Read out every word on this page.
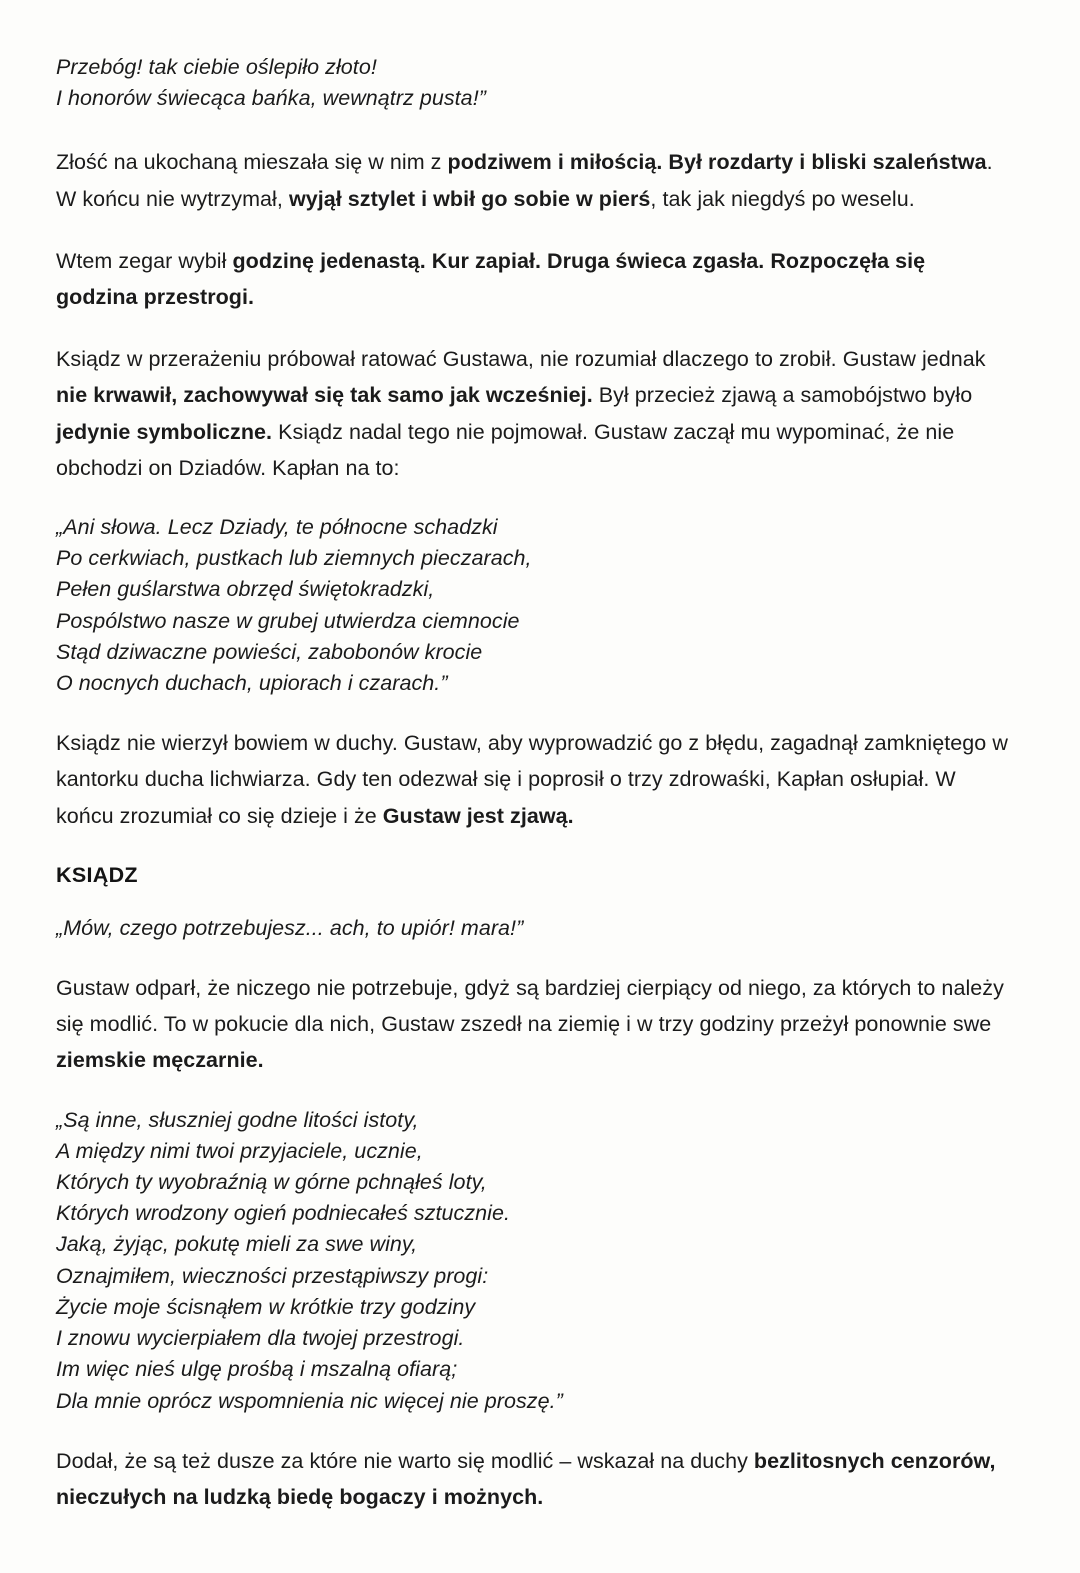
Przebóg! tak ciebie oślepiło złoto!
I honorów świecąca bańka, wewnątrz pusta!”

Złość na ukochaną mieszała się w nim z podziwem i miłością. Był rozdarty i bliski szaleństwa. W końcu nie wytrzymał, wyjął sztylet i wbił go sobie w pierś, tak jak niegdyś po weselu.

Wtem zegar wybił godzinę jedenastą. Kur zapiał. Druga świeca zgasła. Rozpoczęła się godzina przestrogi.

Ksiądz w przerażeniu próbował ratować Gustawa, nie rozumiał dlaczego to zrobił. Gustaw jednak nie krwawił, zachowywał się tak samo jak wcześniej. Był przecież zjawą a samobójstwo było jedynie symboliczne. Ksiądz nadal tego nie pojmował. Gustaw zaczął mu wypominać, że nie obchodzi on Dziadów. Kapłan na to:

„Ani słowa. Lecz Dziady, te północne schadzki
Po cerkwiach, pustkach lub ziemnych pieczarach,
Pełen guślarstwa obrzęd świętokradzki,
Pospólstwo nasze w grubej utwierdza ciemnocie
Stąd dziwaczne powieści, zabobonów krocie
O nocnych duchach, upiorach i czarach.”

Ksiądz nie wierzył bowiem w duchy. Gustaw, aby wyprowadzić go z błędu, zagadnął zamkniętego w kantorku ducha lichwiarza. Gdy ten odezwał się i poprosił o trzy zdrowaśki, Kapłan osłupiał. W końcu zrozumiał co się dzieje i że Gustaw jest zjawą.

KSIĄDZ
„Mów, czego potrzebujesz... ach, to upiór! mara!”

Gustaw odparł, że niczego nie potrzebuje, gdyż są bardziej cierpiący od niego, za których to należy się modlić. To w pokucie dla nich, Gustaw zszedł na ziemię i w trzy godziny przeżył ponownie swe ziemskie męczarnie.

„Są inne, słuszniej godne litości istoty,
A między nimi twoi przyjaciele, uczniе,
Których ty wyobraźnią w górne pchnąłeś loty,
Których wrodzony ogień podniecałeś sztucznie.
Jaką, żyjąc, pokutę mieli za swe winy,
Oznajmiłem, wieczności przestąpiwszy progi:
Życie moje ścisnąłem w krótkie trzy godziny
I znowu wycierpiałem dla twojej przestrogi.
Im więc nieś ulgę prośbą i mszalną ofiarą;
Dla mnie oprócz wspomnienia nic więcej nie proszę.”

Dodał, że są też dusze za które nie warto się modlić – wskazał na duchy bezlitosnych cenzorów, nieczułych na ludzką biedę bogaczy i możnych.
